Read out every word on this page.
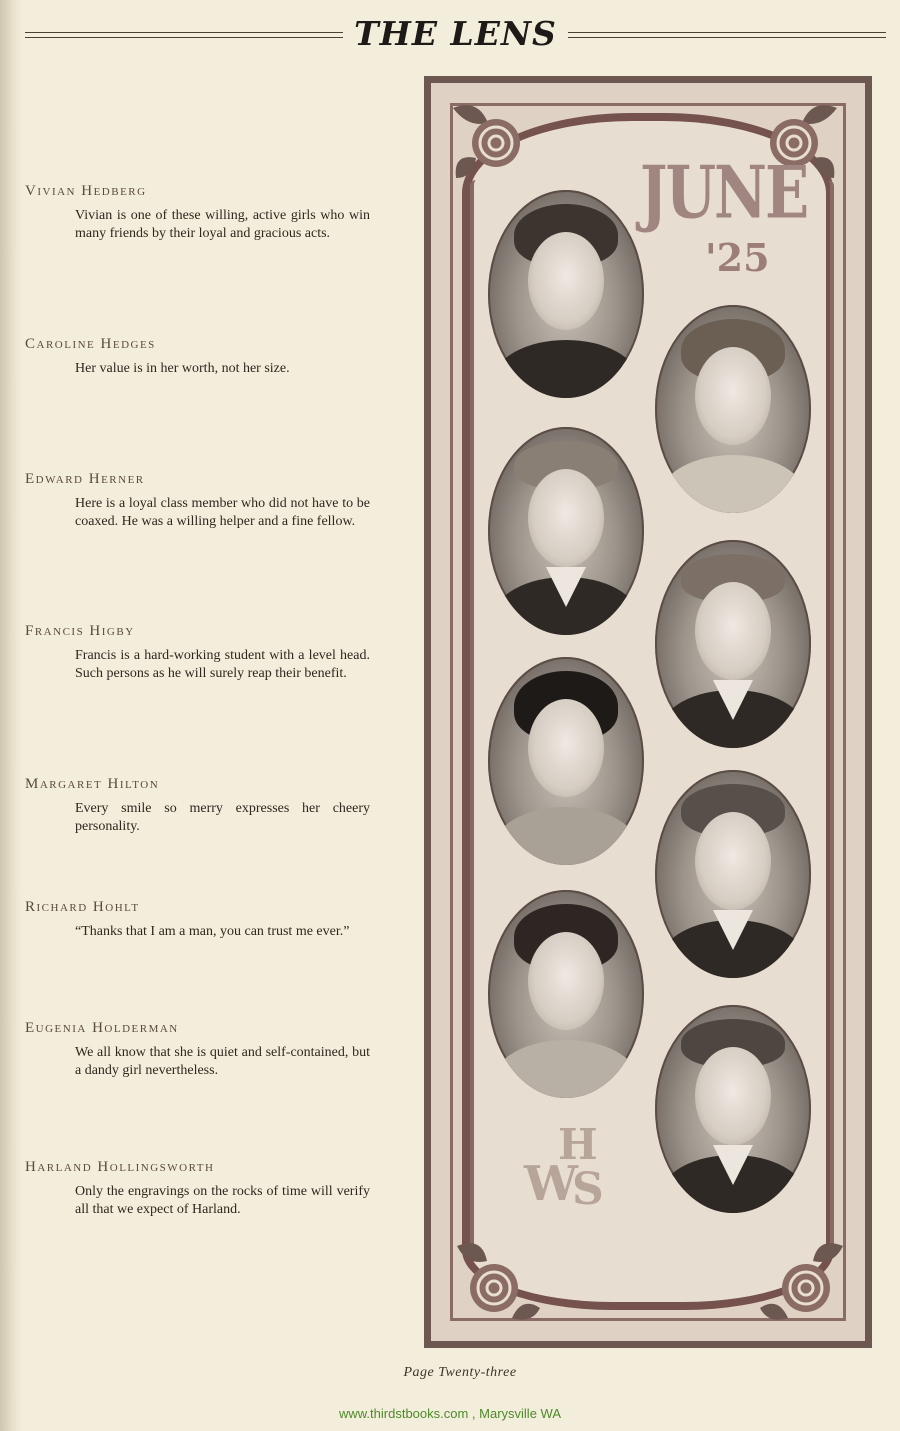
THE LENS

Vivian Hedberg

Vivian is one of these willing, active girls who win many friends by their loyal and gracious acts.

Caroline Hedges

Her value is in her worth, not her size.

Edward Herner

Here is a loyal class member who did not have to be coaxed. He was a willing helper and a fine fellow.

Francis Higby

Francis is a hard-working student with a level head. Such persons as he will surely reap their benefit.

Margaret Hilton

Every smile so merry expresses her cheery personality.

Richard Hohlt

“Thanks that I am a man, you can trust me ever.”

Eugenia Holderman

We all know that she is quiet and self-contained, but a dandy girl nevertheless.

Harland Hollingsworth

Only the engravings on the rocks of time will verify all that we expect of Harland.

JUNE
'25
W
H
S
Page Twenty-three
www.thirdstbooks.com , Marysville WA
